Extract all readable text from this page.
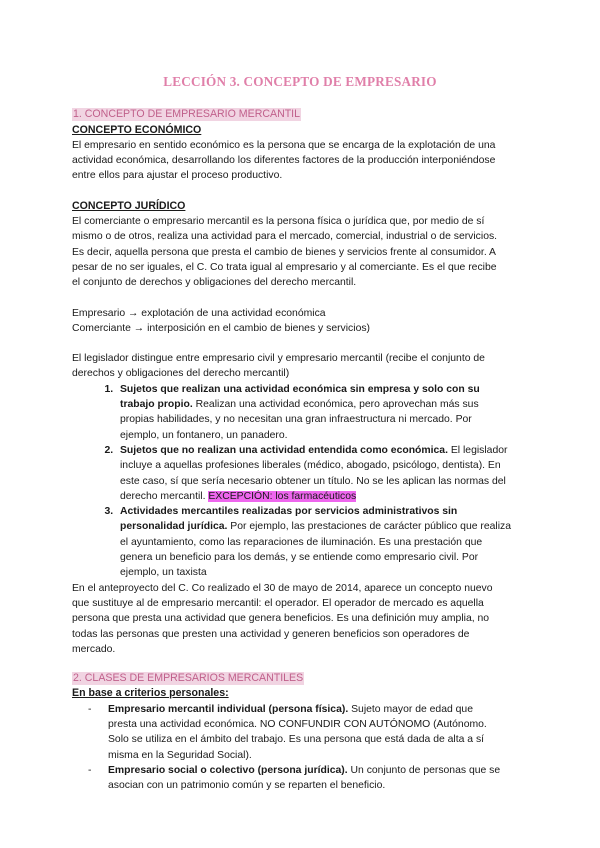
LECCIÓN 3. CONCEPTO DE EMPRESARIO
1. CONCEPTO DE EMPRESARIO MERCANTIL

CONCEPTO ECONÓMICO

El empresario en sentido económico es la persona que se encarga de la explotación de una

actividad económica, desarrollando los diferentes factores de la producción interponiéndose

entre ellos para ajustar el proceso productivo.

CONCEPTO JURÍDICO

El comerciante o empresario mercantil es la persona física o jurídica que, por medio de sí

mismo o de otros, realiza una actividad para el mercado, comercial, industrial o de servicios.

Es decir, aquella persona que presta el cambio de bienes y servicios frente al consumidor. A

pesar de no ser iguales, el C. Co trata igual al empresario y al comerciante. Es el que recibe

el conjunto de derechos y obligaciones del derecho mercantil.

Empresario → explotación de una actividad económica

Comerciante → interposición en el cambio de bienes y servicios)

El legislador distingue entre empresario civil y empresario mercantil (recibe el conjunto de

derechos y obligaciones del derecho mercantil)

1. Sujetos que realizan una actividad económica sin empresa y solo con su
trabajo propio. Realizan una actividad económica, pero aprovechan más sus
propias habilidades, y no necesitan una gran infraestructura ni mercado. Por
ejemplo, un fontanero, un panadero.
2. Sujetos que no realizan una actividad entendida como económica. El legislador
incluye a aquellas profesiones liberales (médico, abogado, psicólogo, dentista). En
este caso, sí que sería necesario obtener un título. No se les aplican las normas del
derecho mercantil. EXCEPCIÓN: los farmacéuticos
3. Actividades mercantiles realizadas por servicios administrativos sin
personalidad jurídica. Por ejemplo, las prestaciones de carácter público que realiza
el ayuntamiento, como las reparaciones de iluminación. Es una prestación que
genera un beneficio para los demás, y se entiende como empresario civil. Por
ejemplo, un taxista

En el anteproyecto del C. Co realizado el 30 de mayo de 2014, aparece un concepto nuevo

que sustituye al de empresario mercantil: el operador. El operador de mercado es aquella

persona que presta una actividad que genera beneficios. Es una definición muy amplia, no

todas las personas que presten una actividad y generen beneficios son operadores de

mercado.

2. CLASES DE EMPRESARIOS MERCANTILES

En base a criterios personales:

- Empresario mercantil individual (persona física). Sujeto mayor de edad que
presta una actividad económica. NO CONFUNDIR CON AUTÓNOMO (Autónomo.
Solo se utiliza en el ámbito del trabajo. Es una persona que está dada de alta a sí
misma en la Seguridad Social).
- Empresario social o colectivo (persona jurídica). Un conjunto de personas que se
asocian con un patrimonio común y se reparten el beneficio.
